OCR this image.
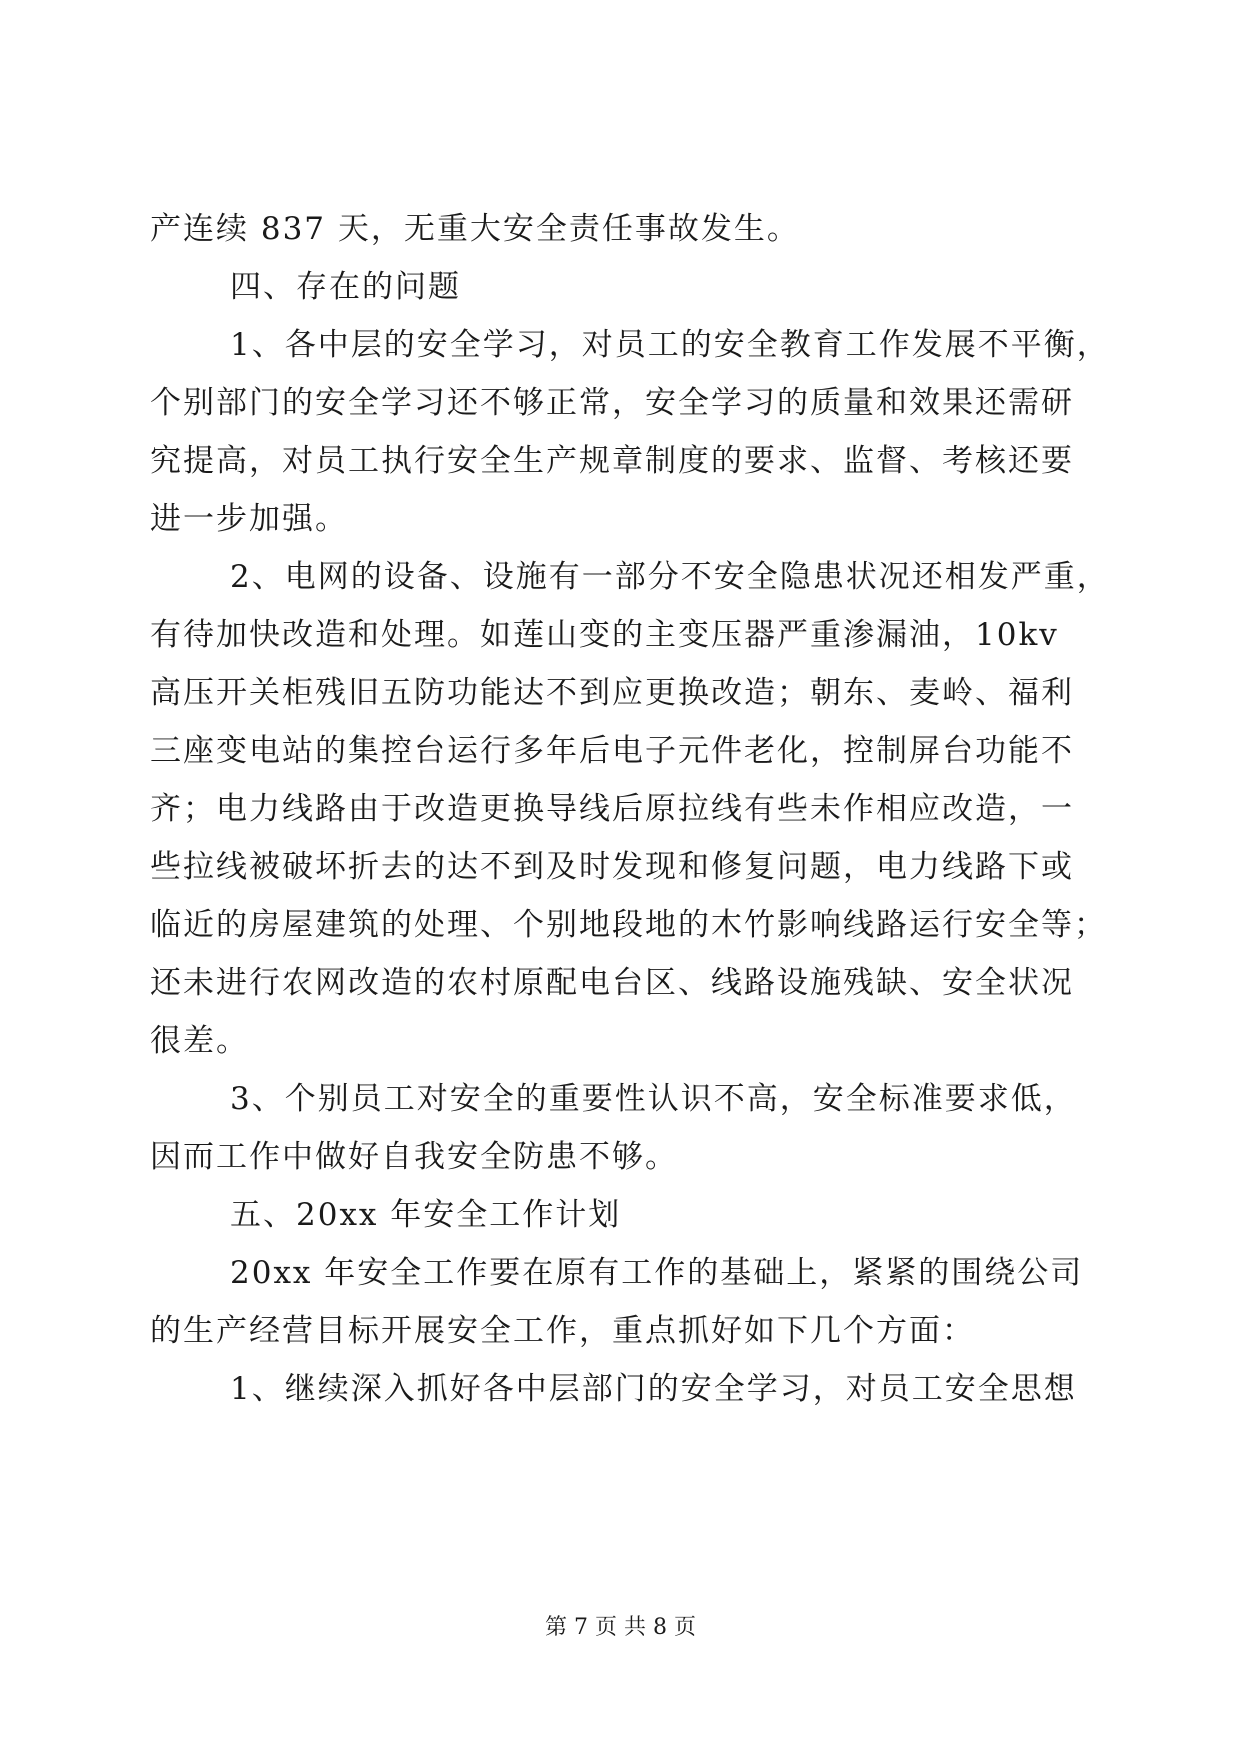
产连续 837 天，无重大安全责任事故发生。
四、存在的问题
1、各中层的安全学习，对员工的安全教育工作发展不平衡，
个别部门的安全学习还不够正常，安全学习的质量和效果还需研
究提高，对员工执行安全生产规章制度的要求、监督、考核还要
进一步加强。
2、电网的设备、设施有一部分不安全隐患状况还相发严重，
有待加快改造和处理。如莲山变的主变压器严重渗漏油，10kv
高压开关柜残旧五防功能达不到应更换改造；朝东、麦岭、福利
三座变电站的集控台运行多年后电子元件老化，控制屏台功能不
齐；电力线路由于改造更换导线后原拉线有些未作相应改造，一
些拉线被破坏折去的达不到及时发现和修复问题，电力线路下或
临近的房屋建筑的处理、个别地段地的木竹影响线路运行安全等；
还未进行农网改造的农村原配电台区、线路设施残缺、安全状况
很差。
3、个别员工对安全的重要性认识不高，安全标准要求低，
因而工作中做好自我安全防患不够。
五、20xx 年安全工作计划
20xx 年安全工作要在原有工作的基础上，紧紧的围绕公司
的生产经营目标开展安全工作，重点抓好如下几个方面：
1、继续深入抓好各中层部门的安全学习，对员工安全思想
第 7 页 共 8 页
